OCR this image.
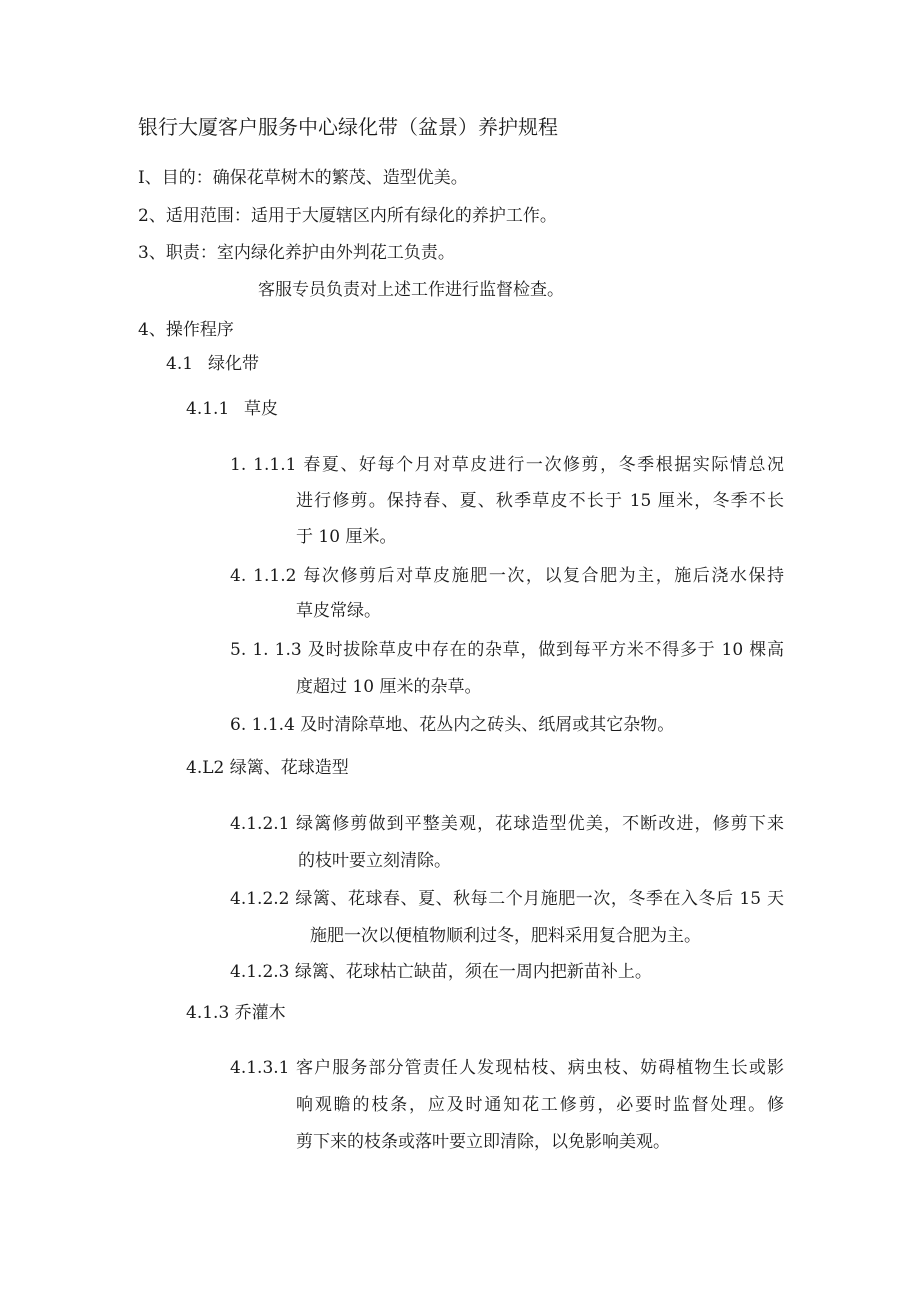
银行大厦客户服务中心绿化带（盆景）养护规程
I、目的：确保花草树木的繁茂、造型优美。
2、适用范围：适用于大厦辖区内所有绿化的养护工作。
3、职责：室内绿化养护由外判花工负责。
客服专员负责对上述工作进行监督检查。
4、操作程序
4.1 绿化带
4.1.1 草皮
1. 1.1.1 春夏、好每个月对草皮进行一次修剪，冬季根据实际情总况
进行修剪。保持春、夏、秋季草皮不长于 15 厘米，冬季不长
于 10 厘米。
4. 1.1.2 每次修剪后对草皮施肥一次，以复合肥为主，施后浇水保持
草皮常绿。
5. 1. 1.3 及时拔除草皮中存在的杂草，做到每平方米不得多于 10 棵高
度超过 10 厘米的杂草。
6. 1.1.4 及时清除草地、花丛内之砖头、纸屑或其它杂物。
4.L2 绿篱、花球造型
4.1.2.1 绿篱修剪做到平整美观，花球造型优美，不断改进，修剪下来
的枝叶要立刻清除。
4.1.2.2 绿篱、花球春、夏、秋每二个月施肥一次，冬季在入冬后 15 天
施肥一次以便植物顺利过冬，肥料采用复合肥为主。
4.1.2.3 绿篱、花球枯亡缺苗，须在一周内把新苗补上。
4.1.3 乔灌木
4.1.3.1 客户服务部分管责任人发现枯枝、病虫枝、妨碍植物生长或影
响观瞻的枝条，应及时通知花工修剪，必要时监督处理。修
剪下来的枝条或落叶要立即清除，以免影响美观。
